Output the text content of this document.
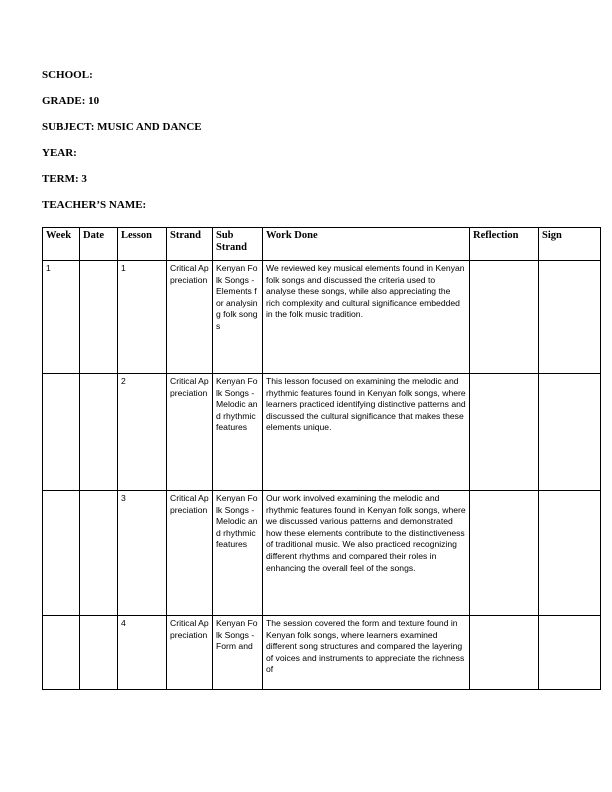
SCHOOL:
GRADE: 10
SUBJECT: MUSIC AND DANCE
YEAR:
TERM: 3
TEACHER’S NAME:
Week	Date	Lesson	Strand	Sub Strand	Work Done	Reflection	Sign
1		1	Critical Appreciation	Kenyan Folk Songs - Elements for analysing folk songs	We reviewed key musical elements found in Kenyan folk songs and discussed the criteria used to analyse these songs, while also appreciating the rich complexity and cultural significance embedded in the folk music tradition.		
		2	Critical Appreciation	Kenyan Folk Songs - Melodic and rhythmic features	This lesson focused on examining the melodic and rhythmic features found in Kenyan folk songs, where learners practiced identifying distinctive patterns and discussed the cultural significance that makes these elements unique.		
		3	Critical Appreciation	Kenyan Folk Songs - Melodic and rhythmic features	Our work involved examining the melodic and rhythmic features found in Kenyan folk songs, where we discussed various patterns and demonstrated how these elements contribute to the distinctiveness of traditional music. We also practiced recognizing different rhythms and compared their roles in enhancing the overall feel of the songs.		
		4	Critical Appreciation	Kenyan Folk Songs - Form and	The session covered the form and texture found in Kenyan folk songs, where learners examined different song structures and compared the layering of voices and instruments to appreciate the richness of		
